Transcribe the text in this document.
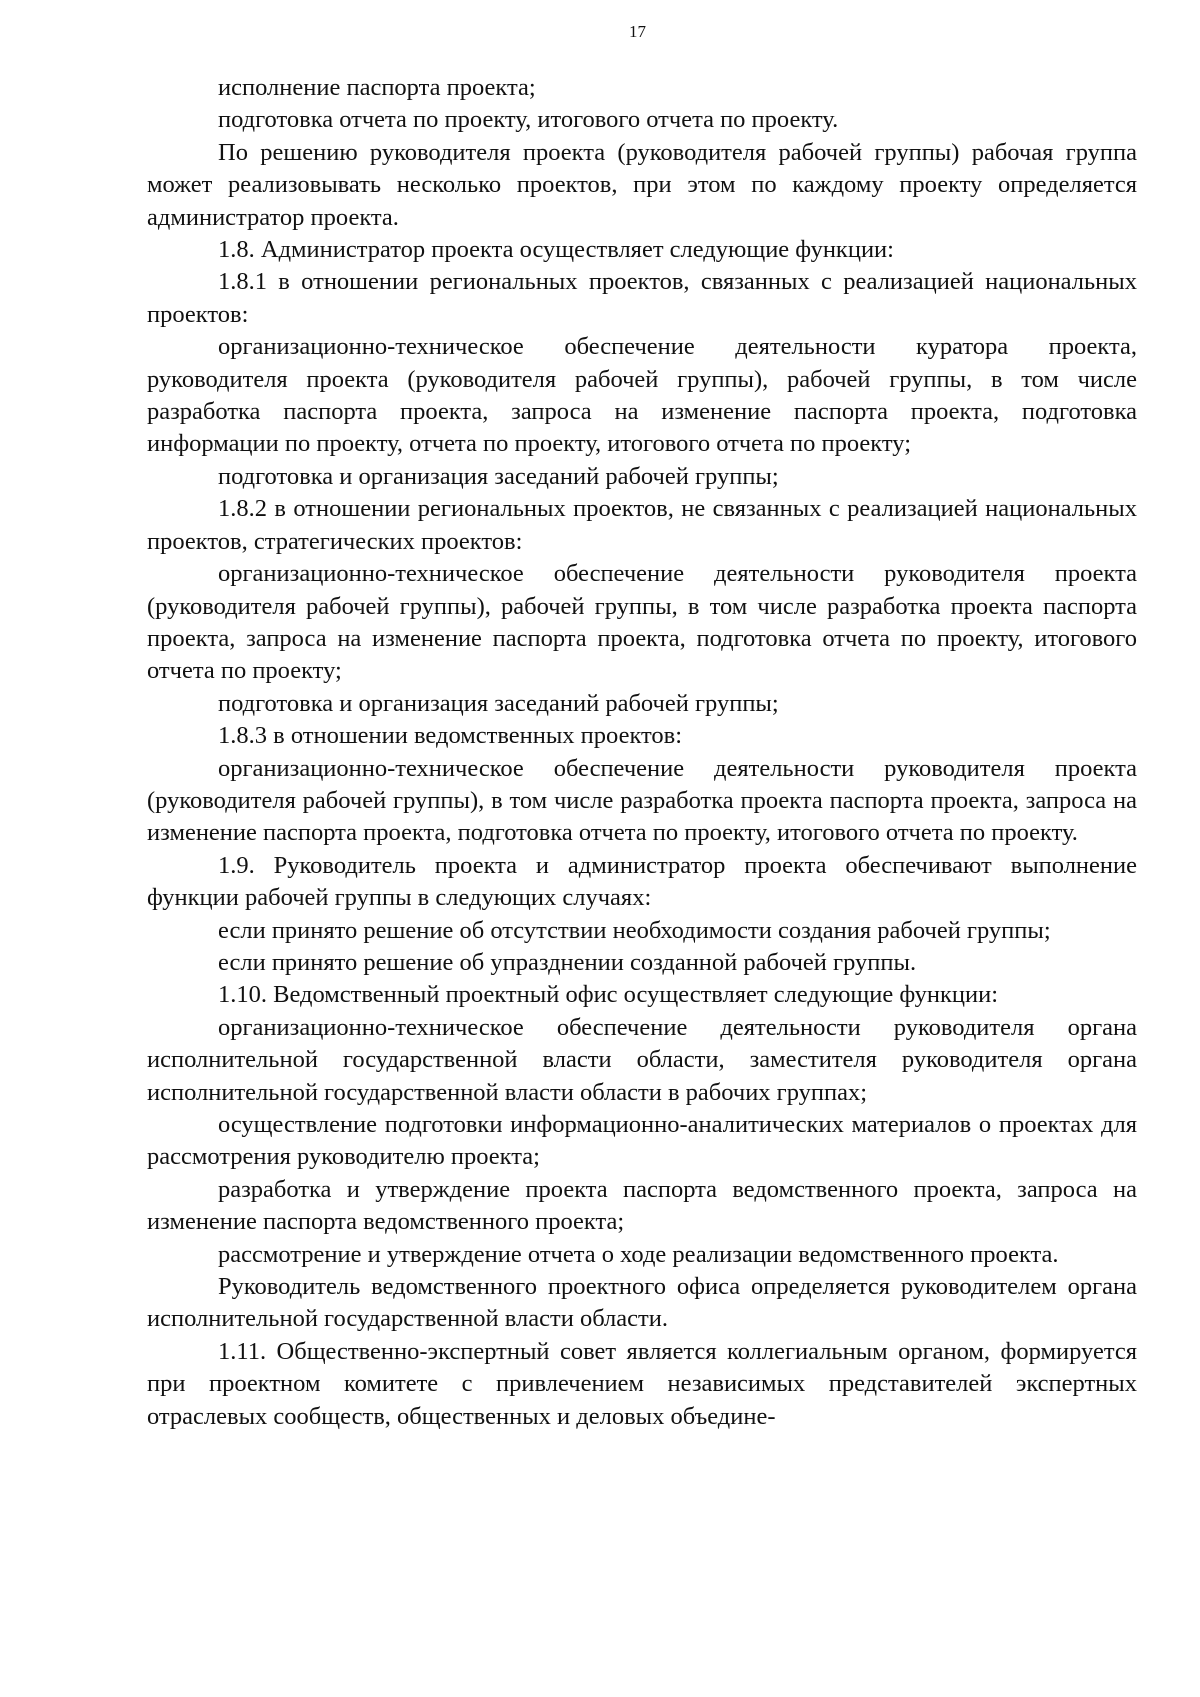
17

исполнение паспорта проекта;

подготовка отчета по проекту, итогового отчета по проекту.

По решению руководителя проекта (руководителя рабочей группы) рабочая группа может реализовывать несколько проектов, при этом по каждому проекту определяется администратор проекта.

1.8. Администратор проекта осуществляет следующие функции:

1.8.1 в отношении региональных проектов, связанных с реализацией национальных проектов:

организационно-техническое обеспечение деятельности куратора проекта, руководителя проекта (руководителя рабочей группы), рабочей группы, в том числе разработка паспорта проекта, запроса на изменение паспорта проекта, подготовка информации по проекту, отчета по проекту, итогового отчета по проекту;

подготовка и организация заседаний рабочей группы;

1.8.2 в отношении региональных проектов, не связанных с реализацией национальных проектов, стратегических проектов:

организационно-техническое обеспечение деятельности руководителя проекта (руководителя рабочей группы), рабочей группы, в том числе разработка проекта паспорта проекта, запроса на изменение паспорта проекта, подготовка отчета по проекту, итогового отчета по проекту;

подготовка и организация заседаний рабочей группы;

1.8.3 в отношении ведомственных проектов:

организационно-техническое обеспечение деятельности руководителя проекта (руководителя рабочей группы), в том числе разработка проекта паспорта проекта, запроса на изменение паспорта проекта, подготовка отчета по проекту, итогового отчета по проекту.

1.9. Руководитель проекта и администратор проекта обеспечивают выполнение функции рабочей группы в следующих случаях:

если принято решение об отсутствии необходимости создания рабочей группы;

если принято решение об упразднении созданной рабочей группы.

1.10. Ведомственный проектный офис осуществляет следующие функции:

организационно-техническое обеспечение деятельности руководителя органа исполнительной государственной власти области, заместителя руководителя органа исполнительной государственной власти области в рабочих группах;

осуществление подготовки информационно-аналитических материалов о проектах для рассмотрения руководителю проекта;

разработка и утверждение проекта паспорта ведомственного проекта, запроса на изменение паспорта ведомственного проекта;

рассмотрение и утверждение отчета о ходе реализации ведомственного проекта.

Руководитель ведомственного проектного офиса определяется руководителем органа исполнительной государственной власти области.

1.11. Общественно-экспертный совет является коллегиальным органом, формируется при проектном комитете с привлечением независимых представителей экспертных отраслевых сообществ, общественных и деловых объедине-
